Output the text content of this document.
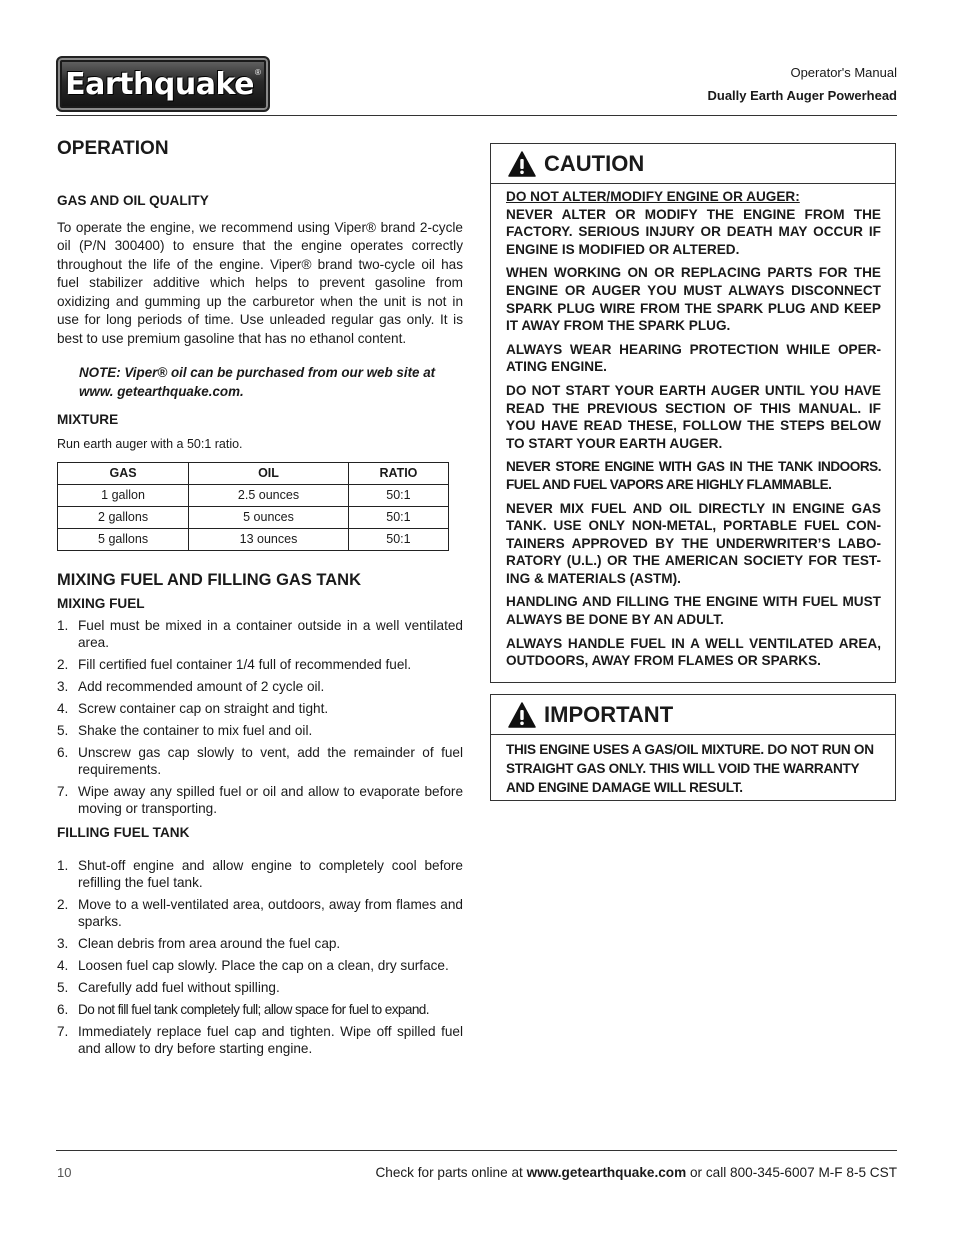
Earthquake ®	Operator's Manual
Dually Earth Auger Powerhead
OPERATION
GAS AND OIL QUALITY

To operate the engine, we recommend using Viper® brand 2-cycle oil (P/N 300400) to ensure that the engine operates correctly throughout the life of the engine. Viper® brand two-cycle oil has fuel stabilizer additive which helps to prevent gasoline from oxidizing and gumming up the carburetor when the unit is not in use for long periods of time. Use unleaded regular gas only. It is best to use premium gasoline that has no ethanol content.

NOTE: Viper® oil can be purchased from our web site at www. getearthquake.com.

MIXTURE

Run earth auger with a 50:1 ratio.

GAS	OIL	RATIO
1 gallon	2.5 ounces	50:1
2 gallons	5 ounces	50:1
5 gallons	13 ounces	50:1
MIXING FUEL AND FILLING GAS TANK
MIXING FUEL
1. Fuel must be mixed in a container outside in a well ventilated area.
2. Fill certified fuel container 1/4 full of recommended fuel.
3. Add recommended amount of 2 cycle oil.
4. Screw container cap on straight and tight.
5. Shake the container to mix fuel and oil.
6. Unscrew gas cap slowly to vent, add the remainder of fuel requirements.
7. Wipe away any spilled fuel or oil and allow to evaporate before moving or transporting.
FILLING FUEL TANK
1. Shut-off engine and allow engine to completely cool before refilling the fuel tank.
2. Move to a well-ventilated area, outdoors, away from flames and sparks.
3. Clean debris from area around the fuel cap.
4. Loosen fuel cap slowly. Place the cap on a clean, dry surface.
5. Carefully add fuel without spilling.
6. Do not fill fuel tank completely full; allow space for fuel to expand.
7. Immediately replace fuel cap and tighten. Wipe off spilled fuel and allow to dry before starting engine.
CAUTION
DO NOT ALTER/MODIFY ENGINE OR AUGER:

NEVER ALTER OR MODIFY THE ENGINE FROM THE FACTORY. SERIOUS INJURY OR DEATH MAY OCCUR IF ENGINE IS MODIFIED OR ALTERED.

WHEN WORKING ON OR REPLACING PARTS FOR THE ENGINE OR AUGER YOU MUST ALWAYS DISCONNECT SPARK PLUG WIRE FROM THE SPARK PLUG AND KEEP IT AWAY FROM THE SPARK PLUG.

ALWAYS WEAR HEARING PROTECTION WHILE OPER-ATING ENGINE.

DO NOT START YOUR EARTH AUGER UNTIL YOU HAVE READ THE PREVIOUS SECTION OF THIS MANUAL. IF YOU HAVE READ THESE, FOLLOW THE STEPS BELOW TO START YOUR EARTH AUGER.

NEVER STORE ENGINE WITH GAS IN THE TANK INDOORS. FUEL AND FUEL VAPORS ARE HIGHLY FLAMMABLE.

NEVER MIX FUEL AND OIL DIRECTLY IN ENGINE GAS TANK. USE ONLY NON-METAL, PORTABLE FUEL CON-TAINERS APPROVED BY THE UNDERWRITER’S LABO-RATORY (U.L.) OR THE AMERICAN SOCIETY FOR TEST-ING & MATERIALS (ASTM).

HANDLING AND FILLING THE ENGINE WITH FUEL MUST ALWAYS BE DONE BY AN ADULT.

ALWAYS HANDLE FUEL IN A WELL VENTILATED AREA, OUTDOORS, AWAY FROM FLAMES OR SPARKS.

IMPORTANT

THIS ENGINE USES A GAS/OIL MIXTURE. DO NOT RUN ON STRAIGHT GAS ONLY. THIS WILL VOID THE WARRANTY AND ENGINE DAMAGE WILL RESULT.

10	Check for parts online at www.getearthquake.com or call 800-345-6007 M-F 8-5 CST
